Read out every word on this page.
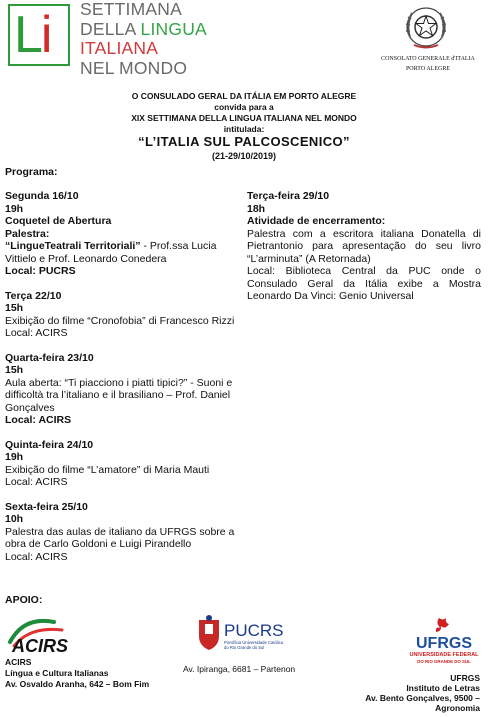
Li SETTIMANA
DELLA LINGUA
ITALIANA
NEL MONDO	CONSOLATO GENERALE d'ITALIA
PORTO ALEGRE
O CONSULADO GERAL DA ITÁLIA EM PORTO ALEGRE
convida para a
XIX SETTIMANA DELLA LINGUA ITALIANA NEL MONDO
intitulada:
“L’ITALIA SUL PALCOSCENICO”
(21-29/10/2019)
Programa:
Segunda 16/10
19h
Coquetel de Abertura
Palestra:
“LingueTeatrali Territoriali” - Prof.ssa Lucia Vittielo e Prof. Leonardo Conedera
Local: PUCRS
Terça 22/10
15h
Exibição do filme “Cronofobia” di Francesco Rizzi
Local: ACIRS
Quarta-feira 23/10
15h
Aula aberta: “Ti piacciono i piatti tipici?” - Suoni e difficoltà tra l’italiano e il brasiliano – Prof. Daniel Gonçalves
Local: ACIRS
Quinta-feira 24/10
19h
Exibição do filme “L’amatore” di Maria Mauti
Local: ACIRS
Sexta-feira 25/10
10h
Palestra das aulas de italiano da UFRGS sobre a obra de Carlo Goldoni e Luigi Pirandello
Local: ACIRS
Terça-feira 29/10
18h
Atividade de encerramento:
Palestra com a escritora italiana Donatella di Pietrantonio para apresentação do seu livro “L’arminuta” (A Retornada)
Local: Biblioteca Central da PUC onde o Consulado Geral da Itália exibe a Mostra Leonardo Da Vinci: Genio Universal
APOIO:
ACIRS
ACIRS
Língua e Cultura Italianas
Av. Osvaldo Aranha, 642 – Bom Fim
PUCRS
Pontifícia Universidade Católica
do Rio Grande do Sul
Av. Ipiranga, 6681 – Partenon
UFRGS
UNIVERSIDADE FEDERAL
DO RIO GRANDE DO SUL
UFRGS
Instituto de Letras
Av. Bento Gonçalves, 9500 –
Agronomia
